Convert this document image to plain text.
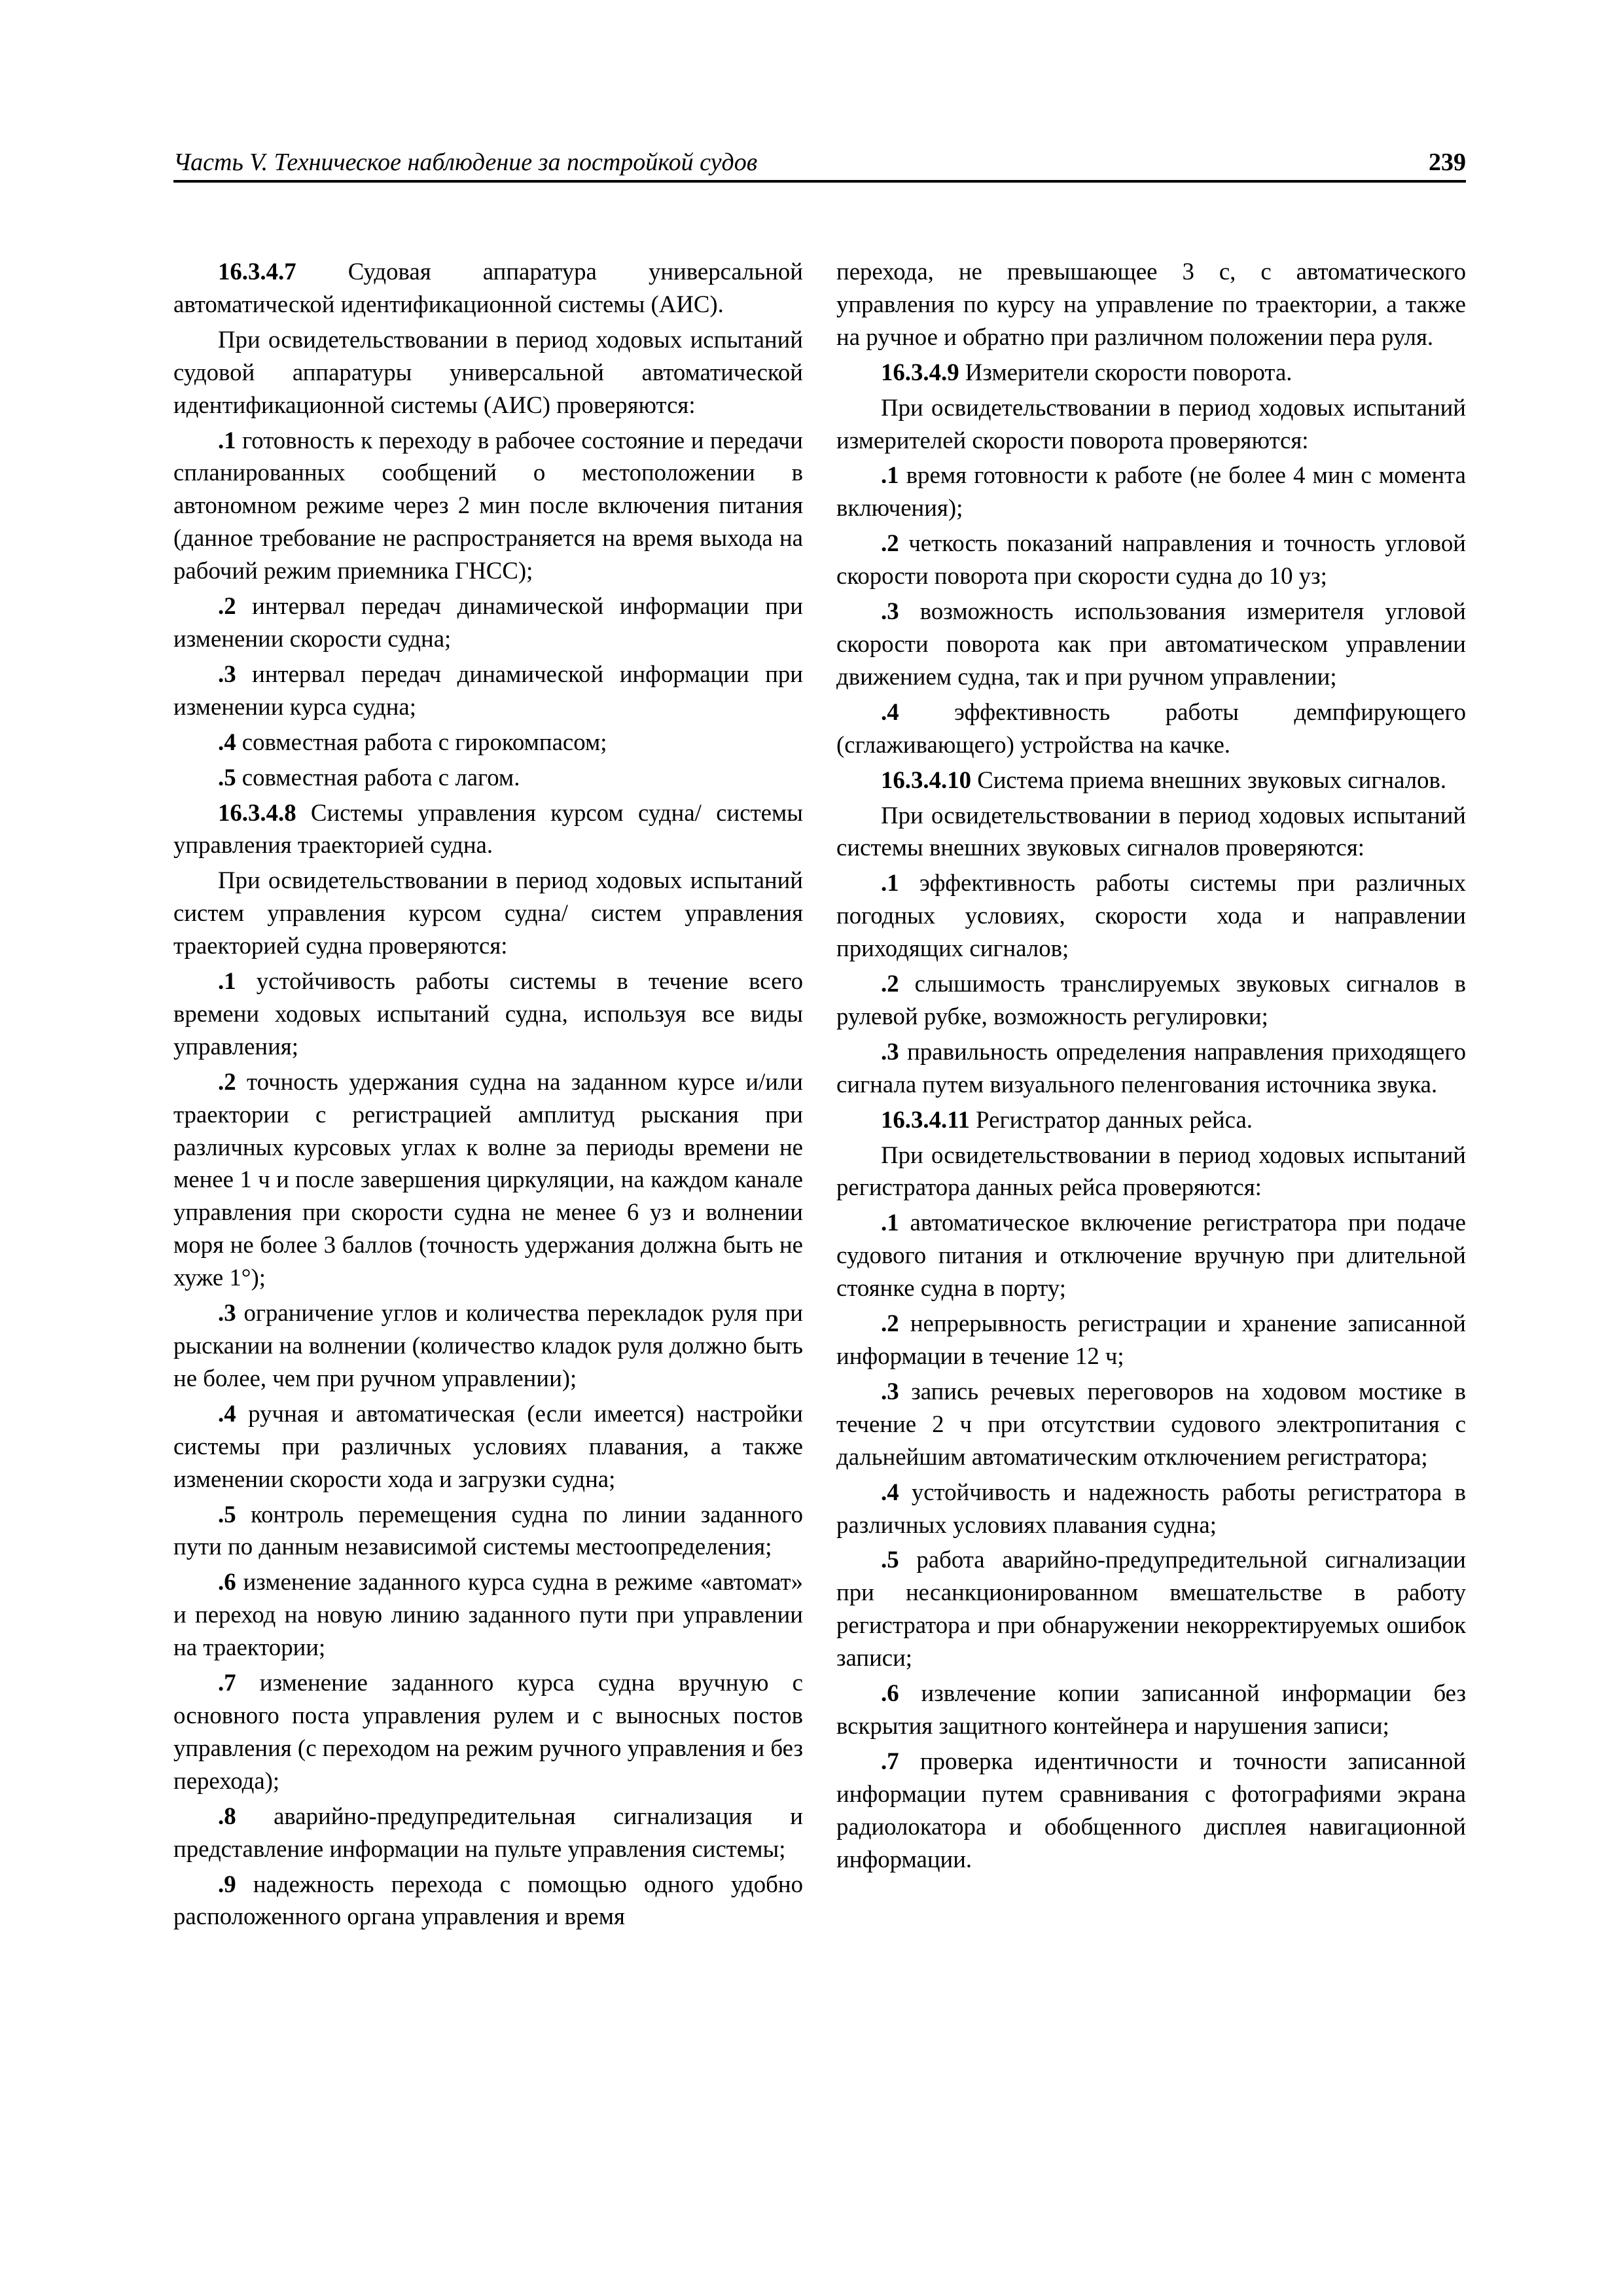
Часть V. Техническое наблюдение за постройкой судов	239

16.3.4.7 Судовая аппаратура универсальной автоматической идентификационной системы (АИС).

При освидетельствовании в период ходовых испытаний судовой аппаратуры универсальной автоматической идентификационной системы (АИС) проверяются:

.1 готовность к переходу в рабочее состояние и передачи спланированных сообщений о местоположении в автономном режиме через 2 мин после включения питания (данное требование не распространяется на время выхода на рабочий режим приемника ГНСС);

.2 интервал передач динамической информации при изменении скорости судна;

.3 интервал передач динамической информации при изменении курса судна;

.4 совместная работа с гирокомпасом;

.5 совместная работа с лагом.

16.3.4.8 Системы управления курсом судна/ системы управления траекторией судна.

При освидетельствовании в период ходовых испытаний систем управления курсом судна/ систем управления траекторией судна проверяются:

.1 устойчивость работы системы в течение всего времени ходовых испытаний судна, используя все виды управления;

.2 точность удержания судна на заданном курсе и/или траектории с регистрацией амплитуд рыскания при различных курсовых углах к волне за периоды времени не менее 1 ч и после завершения циркуляции, на каждом канале управления при скорости судна не менее 6 уз и волнении моря не более 3 баллов (точность удержания должна быть не хуже 1°);

.3 ограничение углов и количества перекладок руля при рыскании на волнении (количество кладок руля должно быть не более, чем при ручном управлении);

.4 ручная и автоматическая (если имеется) настройки системы при различных условиях плавания, а также изменении скорости хода и загрузки судна;

.5 контроль перемещения судна по линии заданного пути по данным независимой системы местоопределения;

.6 изменение заданного курса судна в режиме «автомат» и переход на новую линию заданного пути при управлении на траектории;

.7 изменение заданного курса судна вручную с основного поста управления рулем и с выносных постов управления (с переходом на режим ручного управления и без перехода);

.8 аварийно-предупредительная сигнализация и представление информации на пульте управления системы;

.9 надежность перехода с помощью одного удобно расположенного органа управления и время

перехода, не превышающее 3 с, с автоматического управления по курсу на управление по траектории, а также на ручное и обратно при различном положении пера руля.

16.3.4.9 Измерители скорости поворота.

При освидетельствовании в период ходовых испытаний измерителей скорости поворота проверяются:

.1 время готовности к работе (не более 4 мин с момента включения);

.2 четкость показаний направления и точность угловой скорости поворота при скорости судна до 10 уз;

.3 возможность использования измерителя угловой скорости поворота как при автоматическом управлении движением судна, так и при ручном управлении;

.4 эффективность работы демпфирующего (сглаживающего) устройства на качке.

16.3.4.10 Система приема внешних звуковых сигналов.

При освидетельствовании в период ходовых испытаний системы внешних звуковых сигналов проверяются:

.1 эффективность работы системы при различных погодных условиях, скорости хода и направлении приходящих сигналов;

.2 слышимость транслируемых звуковых сигналов в рулевой рубке, возможность регулировки;

.3 правильность определения направления приходящего сигнала путем визуального пеленгования источника звука.

16.3.4.11 Регистратор данных рейса.

При освидетельствовании в период ходовых испытаний регистратора данных рейса проверяются:

.1 автоматическое включение регистратора при подаче судового питания и отключение вручную при длительной стоянке судна в порту;

.2 непрерывность регистрации и хранение записанной информации в течение 12 ч;

.3 запись речевых переговоров на ходовом мостике в течение 2 ч при отсутствии судового электропитания с дальнейшим автоматическим отключением регистратора;

.4 устойчивость и надежность работы регистратора в различных условиях плавания судна;

.5 работа аварийно-предупредительной сигнализации при несанкционированном вмешательстве в работу регистратора и при обнаружении некорректируемых ошибок записи;

.6 извлечение копии записанной информации без вскрытия защитного контейнера и нарушения записи;

.7 проверка идентичности и точности записанной информации путем сравнивания с фотографиями экрана радиолокатора и обобщенного дисплея навигационной информации.
